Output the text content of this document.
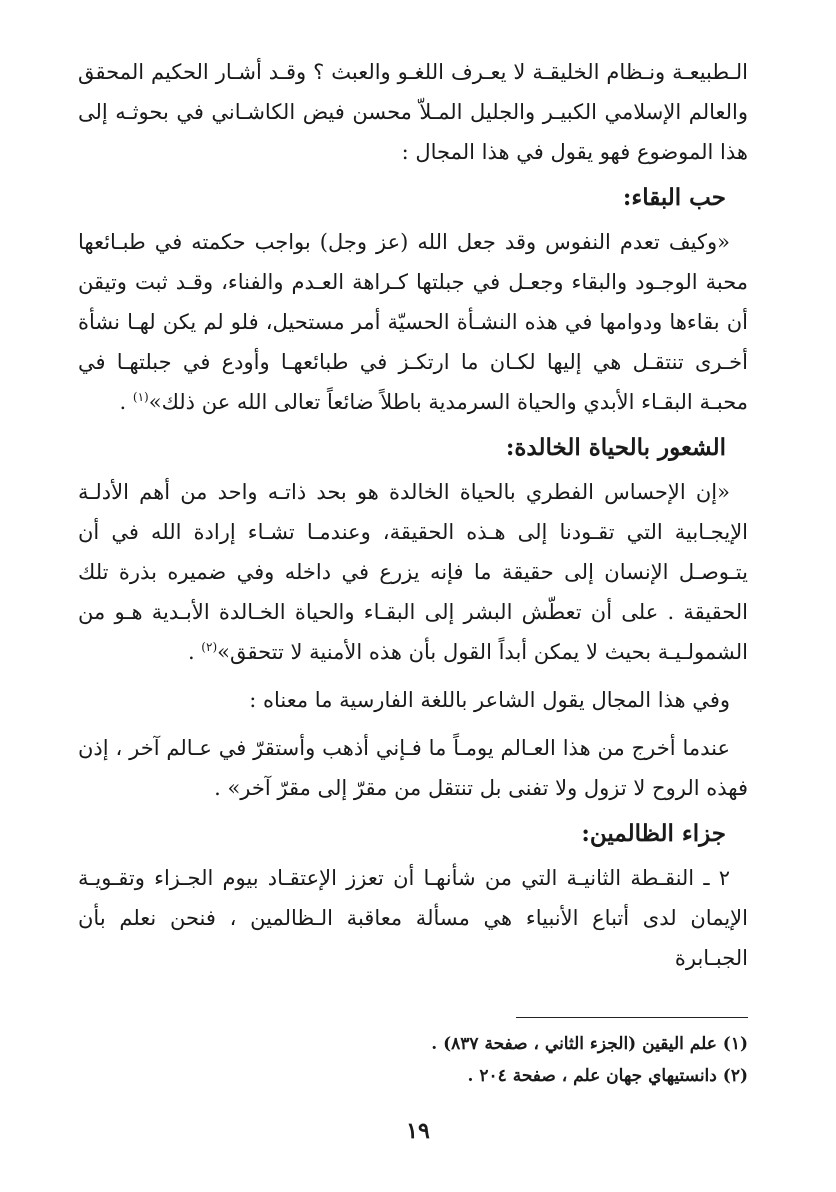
الـطبيعـة ونـظام الخليقـة لا يعـرف اللغـو والعبث ؟ وقـد أشـار الحكيم المحقق والعالم الإسلامي الكبيـر والجليل المـلاّ محسن فيض الكاشـاني في بحوثـه إلى هذا الموضوع فهو يقول في هذا المجال :

حب البقاء:

«وكيف تعدم النفوس وقد جعل الله (عز وجل) بواجب حكمته في طبـائعها محبة الوجـود والبقاء وجعـل في جبلتها كـراهة العـدم والفناء، وقـد ثبت وتيقن أن بقاءها ودوامها في هذه النشـأة الحسيّة أمر مستحيل، فلو لم يكن لهـا نشأة أخـرى تنتقـل هي إليها لكـان ما ارتكـز في طبائعهـا وأودع في جبلتهـا في محبـة البقـاء الأبدي والحياة السرمدية باطلاً ضائعاً تعالى الله عن ذلك»$^{(١)}$ .

الشعور بالحياة الخالدة:

«إن الإحساس الفطري بالحياة الخالدة هو بحد ذاتـه واحد من أهم الأدلـة الإيجـابية التي تقـودنا إلى هـذه الحقيقة، وعندمـا تشـاء إرادة الله في أن يتـوصـل الإنسان إلى حقيقة ما فإنه يزرع في داخله وفي ضميره بذرة تلك الحقيقة . على أن تعطّش البشر إلى البقـاء والحياة الخـالدة الأبـدية هـو من الشمولـيـة بحيث لا يمكن أبداً القول بأن هذه الأمنية لا تتحقق»$^{(٢)}$ .

وفي هذا المجال يقول الشاعر باللغة الفارسية ما معناه :

عندما أخرج من هذا العـالم يومـاً ما فـإني أذهب وأستقرّ في عـالم آخر ، إذن فهذه الروح لا تزول ولا تفنى بل تنتقل من مقرّ إلى مقرّ آخر» .

جزاء الظالمين:

٢ ـ النقـطة الثانيـة التي من شأنهـا أن تعزز الإعتقـاد بيوم الجـزاء وتقـويـة الإيمان لدى أتباع الأنبياء هي مسألة معاقبة الـظالمين ، فنحن نعلم بأن الجبـابرة

(١) علم اليقين (الجزء الثاني ، صفحة ٨٣٧) .

(٢) دانستيهاي جهان علم ، صفحة ٢٠٤ .

١٩
